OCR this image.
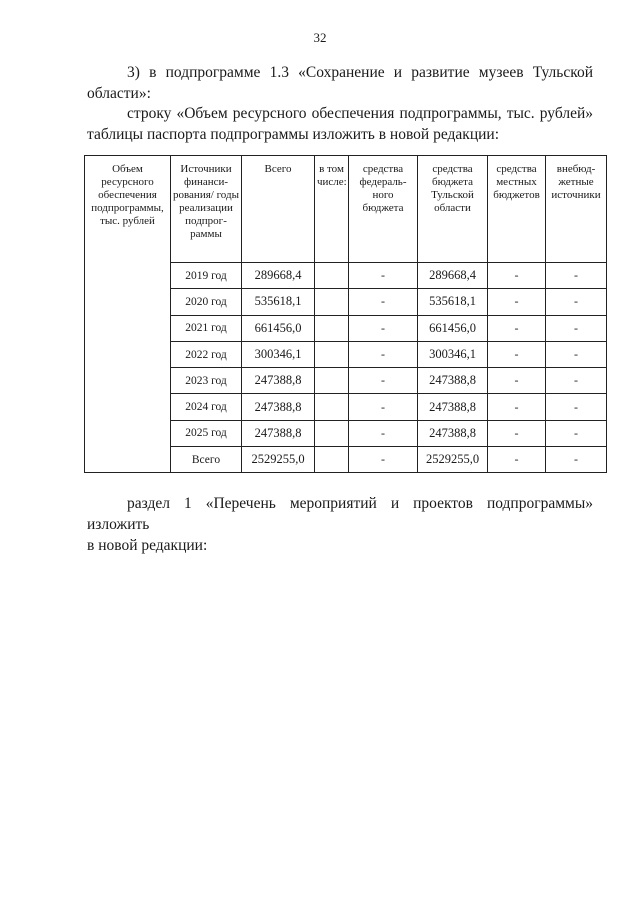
32
3) в подпрограмме 1.3 «Сохранение и развитие музеев Тульской
области»:
строку «Объем ресурсного обеспечения подпрограммы, тыс. рублей»
таблицы паспорта подпрограммы изложить в новой редакции:
Объем ресурсного обеспечения подпрограммы, тыс. рублей	Источники финанси-рования/ годы реализации подпрог-раммы	Всего	в том числе:	средства федераль-ного бюджета	средства бюджета Тульской области	средства местных бюджетов	внебюд-жетные источники
	2019 год	289668,4		-	289668,4	-	-
	2020 год	535618,1		-	535618,1	-	-
	2021 год	661456,0		-	661456,0	-	-
	2022 год	300346,1		-	300346,1	-	-
	2023 год	247388,8		-	247388,8	-	-
	2024 год	247388,8		-	247388,8	-	-
	2025 год	247388,8		-	247388,8	-	-
	Всего	2529255,0		-	2529255,0	-	-
раздел 1 «Перечень мероприятий и проектов подпрограммы» изложить
в новой редакции:
